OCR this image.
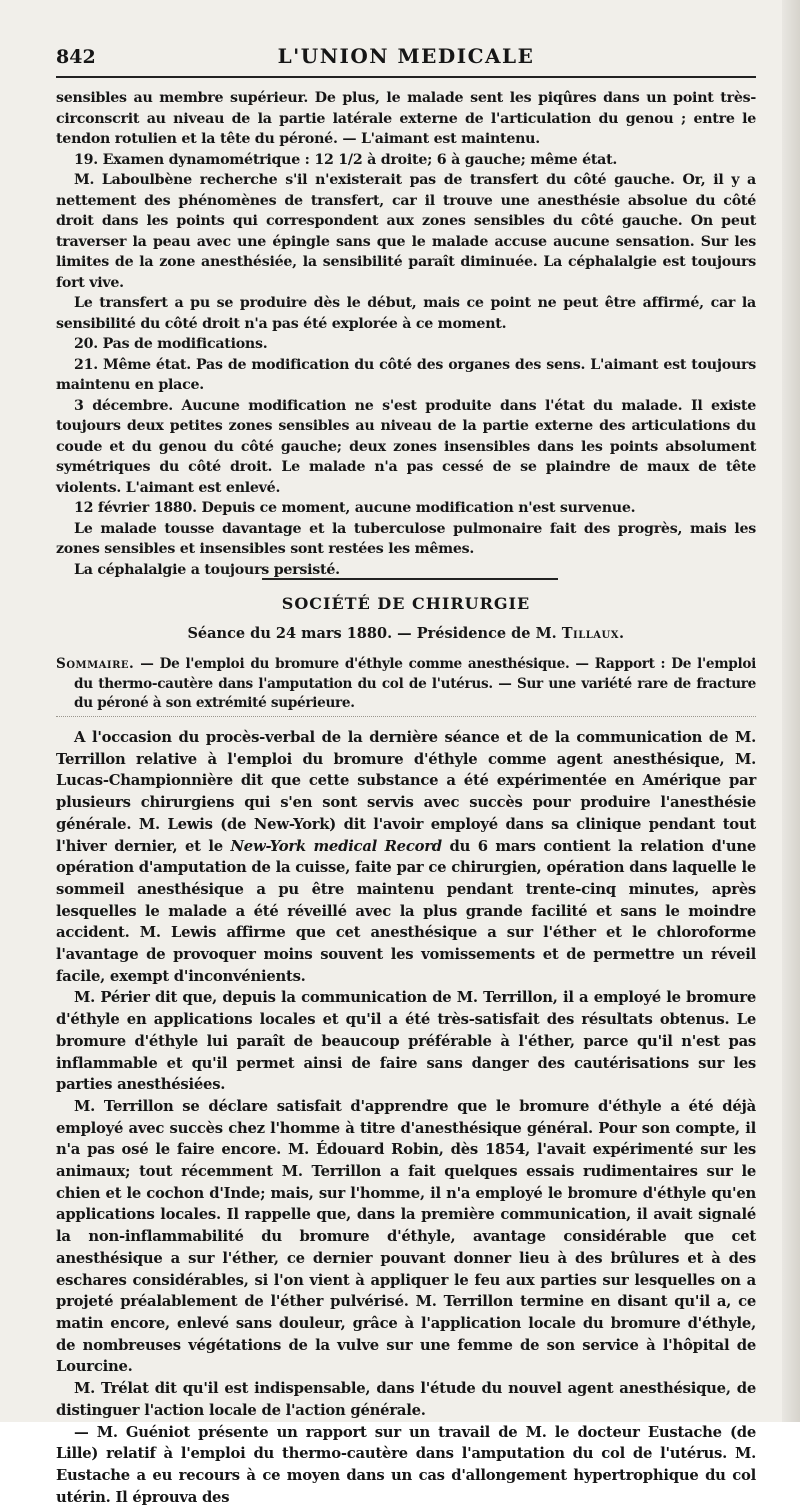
842	L'UNION MEDICALE

sensibles au membre supérieur. De plus, le malade sent les piqûres dans un point très-circonscrit au niveau de la partie latérale externe de l'articulation du genou ; entre le tendon rotulien et la tête du péroné. — L'aimant est maintenu.

19. Examen dynamométrique : 12 1/2 à droite; 6 à gauche; même état.

M. Laboulbène recherche s'il n'existerait pas de transfert du côté gauche. Or, il y a nettement des phénomènes de transfert, car il trouve une anesthésie absolue du côté droit dans les points qui correspondent aux zones sensibles du côté gauche. On peut traverser la peau avec une épingle sans que le malade accuse aucune sensation. Sur les limites de la zone anesthésiée, la sensibilité paraît diminuée. La céphalalgie est toujours fort vive.

Le transfert a pu se produire dès le début, mais ce point ne peut être affirmé, car la sensibilité du côté droit n'a pas été explorée à ce moment.

20. Pas de modifications.

21. Même état. Pas de modification du côté des organes des sens. L'aimant est toujours maintenu en place.

3 décembre. Aucune modification ne s'est produite dans l'état du malade. Il existe toujours deux petites zones sensibles au niveau de la partie externe des articulations du coude et du genou du côté gauche; deux zones insensibles dans les points absolument symétriques du côté droit. Le malade n'a pas cessé de se plaindre de maux de tête violents. L'aimant est enlevé.

12 février 1880. Depuis ce moment, aucune modification n'est survenue.

Le malade tousse davantage et la tuberculose pulmonaire fait des progrès, mais les zones sensibles et insensibles sont restées les mêmes.

La céphalalgie a toujours persisté.

SOCIÉTÉ DE CHIRURGIE
Séance du 24 mars 1880. — Présidence de M. Tillaux.

Sommaire. — De l'emploi du bromure d'éthyle comme anesthésique. — Rapport : De l'emploi du thermo-cautère dans l'amputation du col de l'utérus. — Sur une variété rare de fracture du péroné à son extrémité supérieure.

A l'occasion du procès-verbal de la dernière séance et de la communication de M. Terrillon relative à l'emploi du bromure d'éthyle comme agent anesthésique, M. Lucas-Championnière dit que cette substance a été expérimentée en Amérique par plusieurs chirurgiens qui s'en sont servis avec succès pour produire l'anesthésie générale. M. Lewis (de New-York) dit l'avoir employé dans sa clinique pendant tout l'hiver dernier, et le New-York medical Record du 6 mars contient la relation d'une opération d'amputation de la cuisse, faite par ce chirurgien, opération dans laquelle le sommeil anesthésique a pu être maintenu pendant trente-cinq minutes, après lesquelles le malade a été réveillé avec la plus grande facilité et sans le moindre accident. M. Lewis affirme que cet anesthésique a sur l'éther et le chloroforme l'avantage de provoquer moins souvent les vomissements et de permettre un réveil facile, exempt d'inconvénients.

M. Périer dit que, depuis la communication de M. Terrillon, il a employé le bromure d'éthyle en applications locales et qu'il a été très-satisfait des résultats obtenus. Le bromure d'éthyle lui paraît de beaucoup préférable à l'éther, parce qu'il n'est pas inflammable et qu'il permet ainsi de faire sans danger des cautérisations sur les parties anesthésiées.

M. Terrillon se déclare satisfait d'apprendre que le bromure d'éthyle a été déjà employé avec succès chez l'homme à titre d'anesthésique général. Pour son compte, il n'a pas osé le faire encore. M. Édouard Robin, dès 1854, l'avait expérimenté sur les animaux; tout récemment M. Terrillon a fait quelques essais rudimentaires sur le chien et le cochon d'Inde; mais, sur l'homme, il n'a employé le bromure d'éthyle qu'en applications locales. Il rappelle que, dans la première communication, il avait signalé la non-inflammabilité du bromure d'éthyle, avantage considérable que cet anesthésique a sur l'éther, ce dernier pouvant donner lieu à des brûlures et à des eschares considérables, si l'on vient à appliquer le feu aux parties sur lesquelles on a projeté préalablement de l'éther pulvérisé. M. Terrillon termine en disant qu'il a, ce matin encore, enlevé sans douleur, grâce à l'application locale du bromure d'éthyle, de nombreuses végétations de la vulve sur une femme de son service à l'hôpital de Lourcine.

M. Trélat dit qu'il est indispensable, dans l'étude du nouvel agent anesthésique, de distinguer l'action locale de l'action générale.

— M. Guéniot présente un rapport sur un travail de M. le docteur Eustache (de Lille) relatif à l'emploi du thermo-cautère dans l'amputation du col de l'utérus. M. Eustache a eu recours à ce moyen dans un cas d'allongement hypertrophique du col utérin. Il éprouva des
